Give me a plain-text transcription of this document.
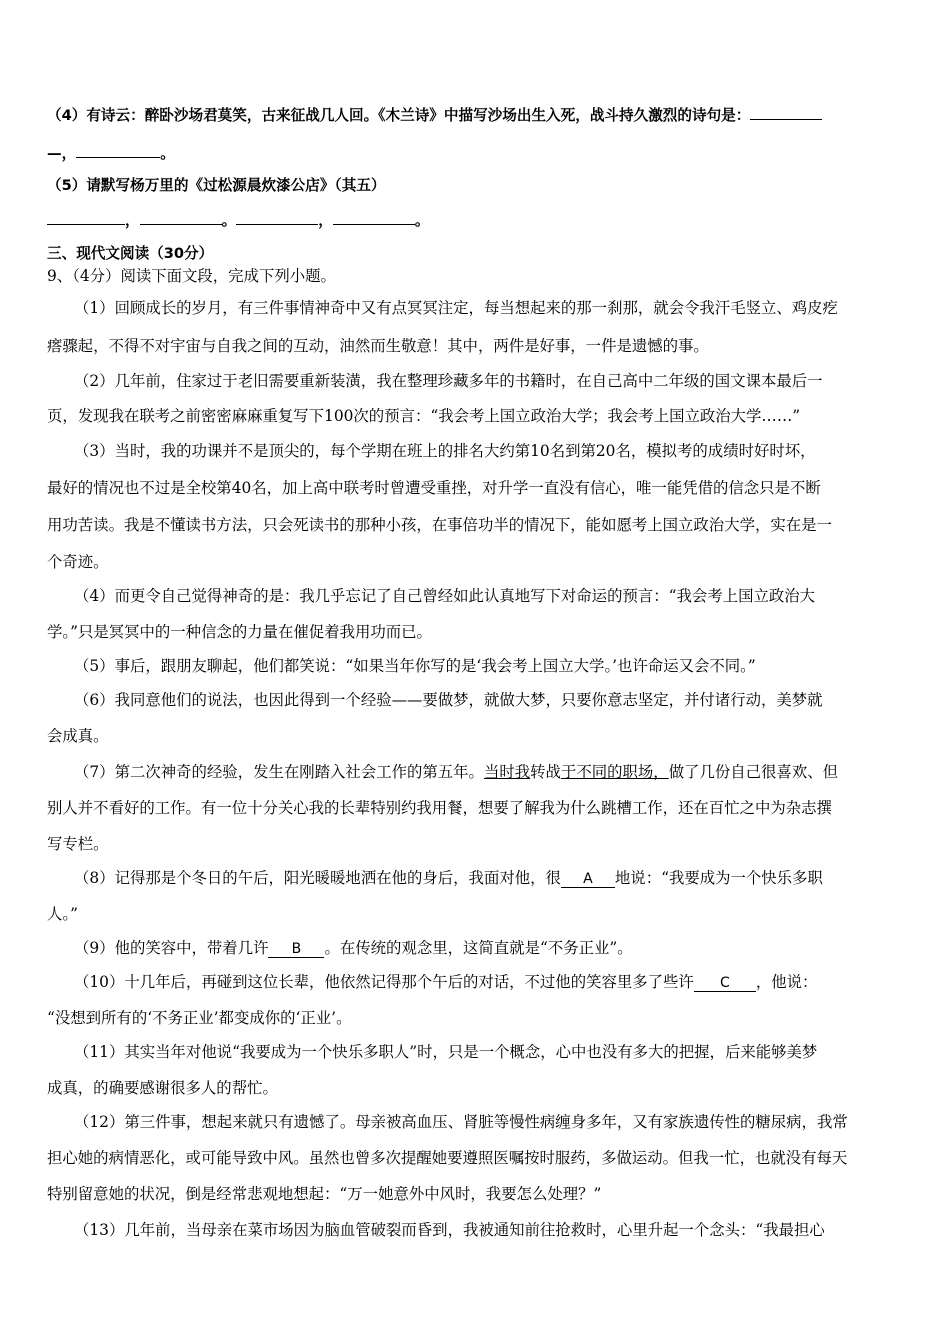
（4）有诗云：醉卧沙场君莫笑，古来征战几人回。《木兰诗》中描写沙场出生入死，战斗持久激烈的诗句是：
—，	。
（5）请默写杨万里的《过松源晨炊漆公店》（其五）
，	。	，	。
三、现代文阅读（30分）
9、（4分）阅读下面文段，完成下列小题。
（1）回顾成长的岁月，有三件事情神奇中又有点冥冥注定，每当想起来的那一刹那，就会令我汗毛竖立、鸡皮疙
瘩骤起，不得不对宇宙与自我之间的互动，油然而生敬意！其中，两件是好事，一件是遗憾的事。
（2）几年前，住家过于老旧需要重新装潢，我在整理珍藏多年的书籍时，在自己高中二年级的国文课本最后一
页，发现我在联考之前密密麻麻重复写下100次的预言：“我会考上国立政治大学；我会考上国立政治大学……”
（3）当时，我的功课并不是顶尖的，每个学期在班上的排名大约第10名到第20名，模拟考的成绩时好时坏，
最好的情况也不过是全校第40名，加上高中联考时曾遭受重挫，对升学一直没有信心，唯一能凭借的信念只是不断
用功苦读。我是不懂读书方法，只会死读书的那种小孩，在事倍功半的情况下，能如愿考上国立政治大学，实在是一
个奇迹。
（4）而更令自己觉得神奇的是：我几乎忘记了自己曾经如此认真地写下对命运的预言：“我会考上国立政治大
学。”只是冥冥中的一种信念的力量在催促着我用功而已。
（5）事后，跟朋友聊起，他们都笑说：“如果当年你写的是‘我会考上国立大学。’也许命运又会不同。”
（6）我同意他们的说法，也因此得到一个经验——要做梦，就做大梦，只要你意志坚定，并付诸行动，美梦就
会成真。
（7）第二次神奇的经验，发生在刚踏入社会工作的第五年。当时我转战于不同的职场，做了几份自己很喜欢、但
别人并不看好的工作。有一位十分关心我的长辈特别约我用餐，想要了解我为什么跳槽工作，还在百忙之中为杂志撰
写专栏。
（8）记得那是个冬日的午后，阳光暖暖地洒在他的身后，我面对他，很 A 地说：“我要成为一个快乐多职
人。”
（9）他的笑容中，带着几许 B 。在传统的观念里，这简直就是“不务正业”。
（10）十几年后，再碰到这位长辈，他依然记得那个午后的对话，不过他的笑容里多了些许 C ，他说：
“没想到所有的‘不务正业’都变成你的‘正业’。
（11）其实当年对他说“我要成为一个快乐多职人”时，只是一个概念，心中也没有多大的把握，后来能够美梦
成真，的确要感谢很多人的帮忙。
（12）第三件事，想起来就只有遗憾了。母亲被高血压、肾脏等慢性病缠身多年，又有家族遗传性的糖尿病，我常
担心她的病情恶化，或可能导致中风。虽然也曾多次提醒她要遵照医嘱按时服药，多做运动。但我一忙，也就没有每天
特别留意她的状况，倒是经常悲观地想起：“万一她意外中风时，我要怎么处理？”
（13）几年前，当母亲在菜市场因为脑血管破裂而昏到，我被通知前往抢救时，心里升起一个念头：“我最担心
